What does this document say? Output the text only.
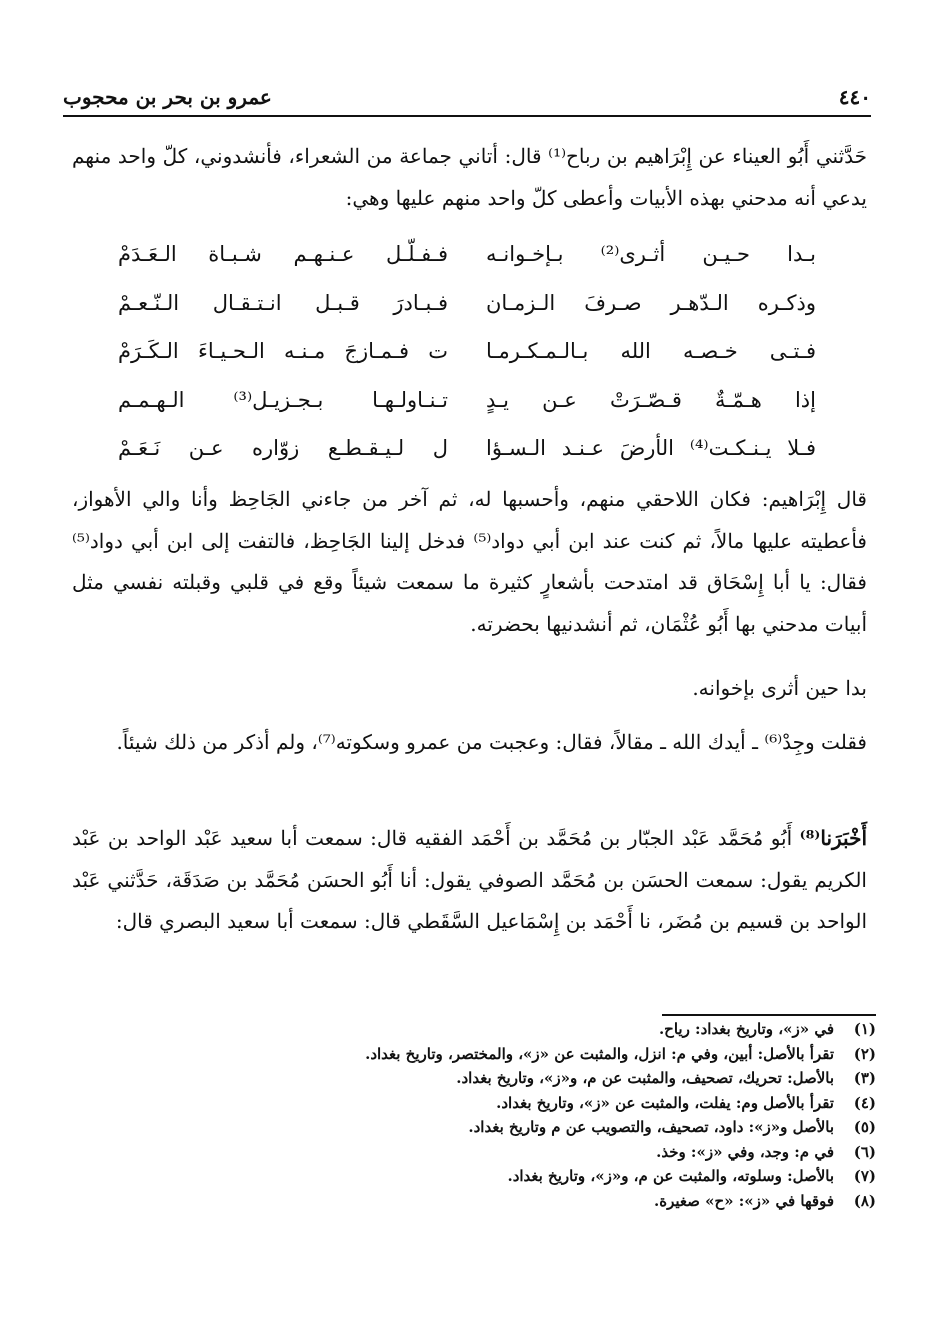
٤٤٠
عمرو بن بحر بن محجوب
حَدَّثني أَبُو العيناء عن إِبْرَاهيم بن رباح⁽¹⁾ قال: أتاني جماعة من الشعراء، فأنشدوني، كلّ واحد منهم يدعي أنه مدحني بهذه الأبيات وأعطى كلّ واحد منهم عليها وهي:
بـدا حـيـن أثـرى⁽²⁾ بـإخـوانـه
فـفـلّـل عـنـهـم شـبـاة الـعَـدَمْ
وذكـره الـدّهـر صـرفَ الـزمـان
فـبـادرَ قـبـل انـتـقـال الـنّـعـمْ
فـتـى خـصـه الله بـالـمـكـرمـا
ت فـمـازجَ مـنـه الـحـيـاءَ الـكَـرَمْ
إذا هـمّـةٌ قـصّـرَتْ عـن يـدٍ
تـنـاولـهـا بـجـزيـل⁽³⁾ الـهـمـم
فـلا يـنـكـت⁽⁴⁾ الأرضَ عـنـد الـسـؤا
ل لـيـقـطـع زوّاره عـن نَـعَـمْ
قال إِبْرَاهيم: فكان اللاحقي منهم، وأحسبها له، ثم آخر من جاءني الجَاحِظ وأنا والي الأهواز، فأعطيته عليها مالاً، ثم كنت عند ابن أبي دواد⁽⁵⁾ فدخل إلينا الجَاحِظ، فالتفت إلى ابن أبي دواد⁽⁵⁾ فقال: يا أبا إِسْحَاق قد امتدحت بأشعارٍ كثيرة ما سمعت شيئاً وقع في قلبي وقبلته نفسي مثل أبيات مدحني بها أَبُو عُثْمَان، ثم أنشدنيها بحضرته.
بدا حين أثرى بإخوانه.
فقلت وجِدْ⁽⁶⁾ ـ أيدك الله ـ مقالاً، فقال: وعجبت من عمرو وسكوته⁽⁷⁾، ولم أذكر من ذلك شيئاً.
أَخْبَرَنا⁽⁸⁾ أَبُو مُحَمَّد عَبْد الجبّار بن مُحَمَّد بن أَحْمَد الفقيه قال: سمعت أبا سعيد عَبْد الواحد بن عَبْد الكريم يقول: سمعت الحسَن بن مُحَمَّد الصوفي يقول: أنا أَبُو الحسَن مُحَمَّد بن صَدَقَة، حَدَّثني عَبْد الواحد بن قسيم بن مُضَر، نا أَحْمَد بن إِسْمَاعيل السَّقَطي قال: سمعت أبا سعيد البصري قال:
(١)
في «ز»، وتاريخ بغداد: رياح.
(٢)
تقرأ بالأصل: أبين، وفي م: انزل، والمثبت عن «ز»، والمختصر، وتاريخ بغداد.
(٣)
بالأصل: تحريك، تصحيف، والمثبت عن م، و«ز»، وتاريخ بغداد.
(٤)
تقرأ بالأصل وم: يفلت، والمثبت عن «ز»، وتاريخ بغداد.
(٥)
بالأصل و«ز»: داود، تصحيف، والتصويب عن م وتاريخ بغداد.
(٦)
في م: وجد، وفي «ز»: وخذ.
(٧)
بالأصل: وسلوته، والمثبت عن م، و«ز»، وتاريخ بغداد.
(٨)
فوقها في «ز»: «ح» صغيرة.
